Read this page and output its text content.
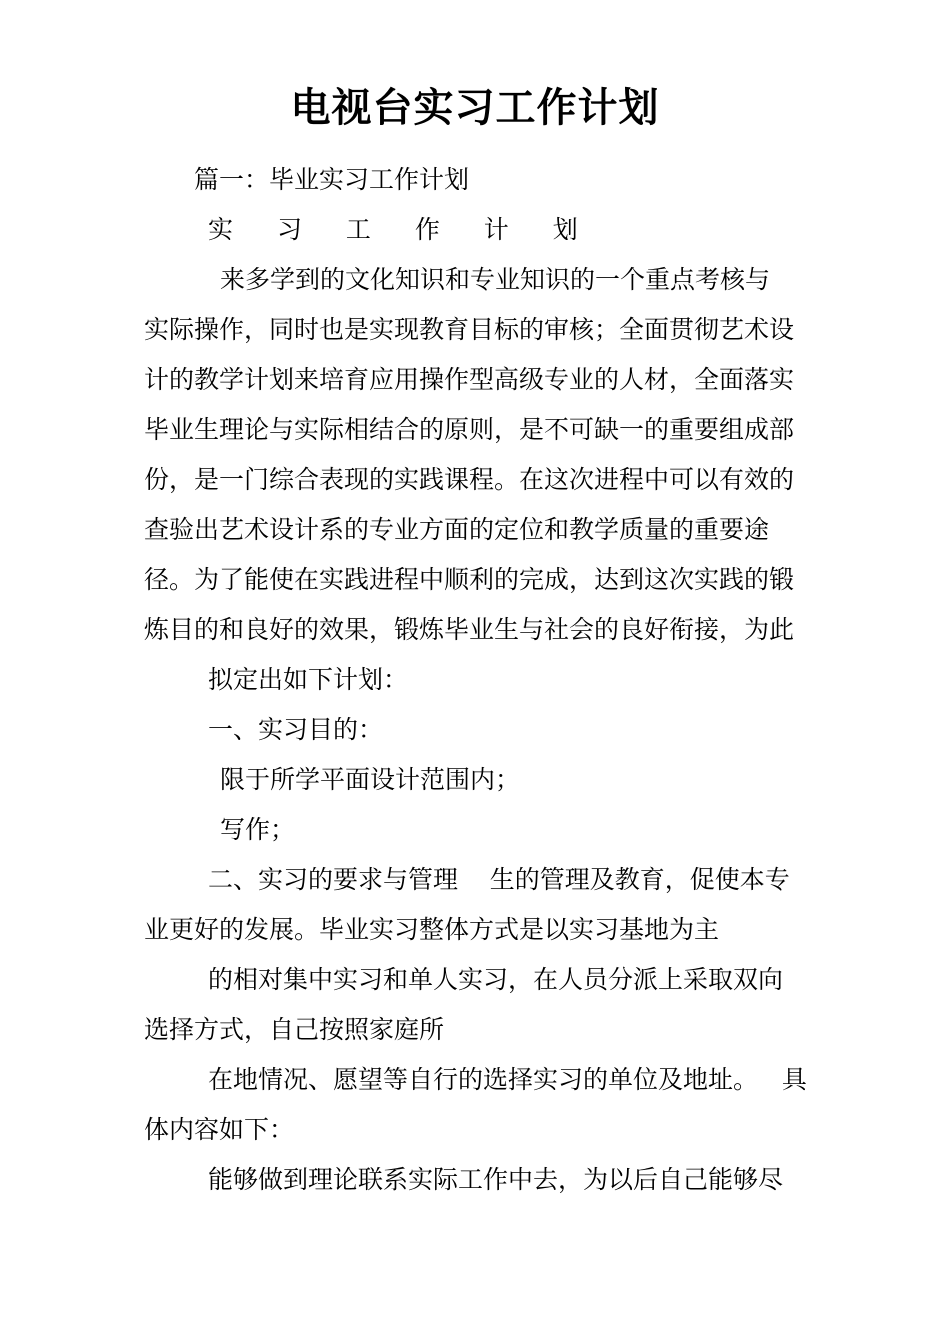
电视台实习工作计划
篇一：毕业实习工作计划
实 习 工 作 计 划
来多学到的文化知识和专业知识的一个重点考核与
实际操作，同时也是实现教育目标的审核；全面贯彻艺术设
计的教学计划来培育应用操作型高级专业的人材，全面落实
毕业生理论与实际相结合的原则，是不可缺一的重要组成部
份，是一门综合表现的实践课程。在这次进程中可以有效的
查验出艺术设计系的专业方面的定位和教学质量的重要途
径。为了能使在实践进程中顺利的完成，达到这次实践的锻
炼目的和良好的效果，锻炼毕业生与社会的良好衔接，为此
拟定出如下计划：
一、实习目的：
限于所学平面设计范围内；
写作；
二、实习的要求与管理    生的管理及教育，促使本专
业更好的发展。毕业实习整体方式是以实习基地为主
的相对集中实习和单人实习，在人员分派上采取双向
选择方式，自己按照家庭所
在地情况、愿望等自行的选择实习的单位及地址。   具
体内容如下：
能够做到理论联系实际工作中去，为以后自己能够尽
